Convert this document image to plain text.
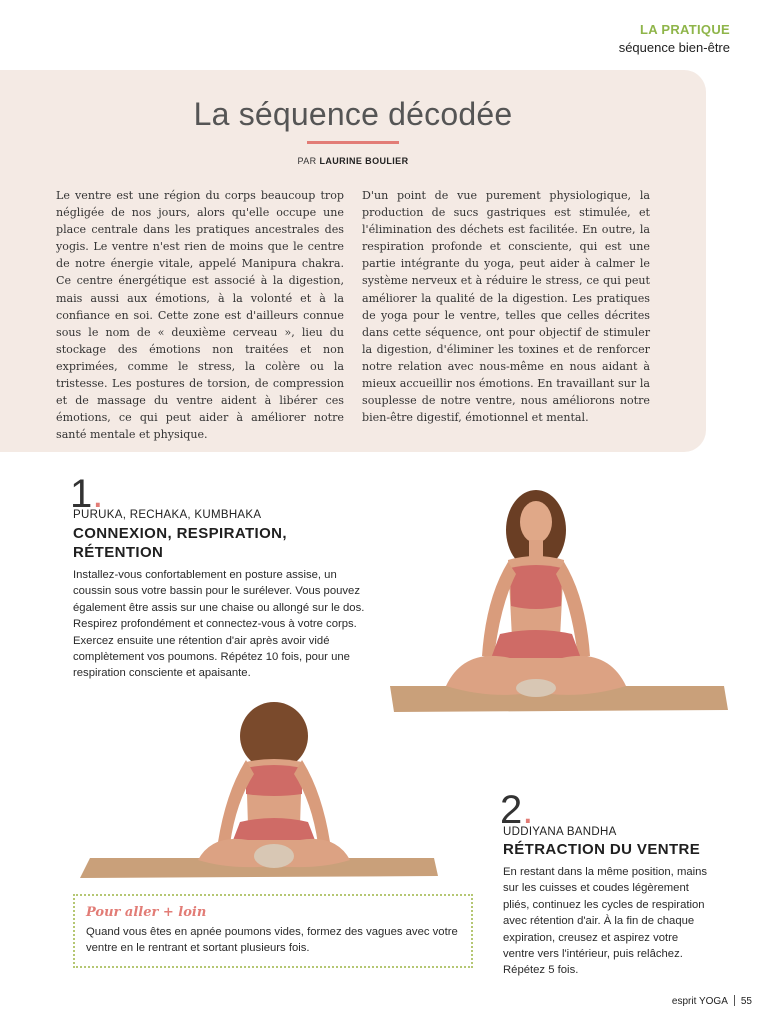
LA PRATIQUE
séquence bien-être
La séquence décodée
PAR LAURINE BOULIER
Le ventre est une région du corps beaucoup trop négligée de nos jours, alors qu'elle occupe une place centrale dans les pratiques ancestrales des yogis. Le ventre n'est rien de moins que le centre de notre énergie vitale, appelé Manipura chakra. Ce centre énergétique est associé à la digestion, mais aussi aux émotions, à la volonté et à la confiance en soi. Cette zone est d'ailleurs connue sous le nom de « deuxième cerveau », lieu du stockage des émotions non traitées et non exprimées, comme le stress, la colère ou la tristesse. Les postures de torsion, de compression et de massage du ventre aident à libérer ces émotions, ce qui peut aider à améliorer notre santé mentale et physique.
D'un point de vue purement physiologique, la production de sucs gastriques est stimulée, et l'élimination des déchets est facilitée. En outre, la respiration profonde et consciente, qui est une partie intégrante du yoga, peut aider à calmer le système nerveux et à réduire le stress, ce qui peut améliorer la qualité de la digestion. Les pratiques de yoga pour le ventre, telles que celles décrites dans cette séquence, ont pour objectif de stimuler la digestion, d'éliminer les toxines et de renforcer notre relation avec nous-même en nous aidant à mieux accueillir nos émotions. En travaillant sur la souplesse de notre ventre, nous améliorons notre bien-être digestif, émotionnel et mental.
1.
PURUKA, RECHAKA, KUMBHAKA
CONNEXION, RESPIRATION, RÉTENTION
Installez-vous confortablement en posture assise, un coussin sous votre bassin pour le surélever. Vous pouvez également être assis sur une chaise ou allongé sur le dos. Respirez profondément et connectez-vous à votre corps. Exercez ensuite une rétention d'air après avoir vidé complètement vos poumons. Répétez 10 fois, pour une respiration consciente et apaisante.
2.
UDDIYANA BANDHA
RÉTRACTION DU VENTRE
En restant dans la même position, mains sur les cuisses et coudes légèrement pliés, continuez les cycles de respiration avec rétention d'air. À la fin de chaque expiration, creusez et aspirez votre ventre vers l'intérieur, puis relâchez. Répétez 5 fois.
Pour aller + loin
Quand vous êtes en apnée poumons vides, formez des vagues avec votre ventre en le rentrant et sortant plusieurs fois.
esprit YOGA 55
